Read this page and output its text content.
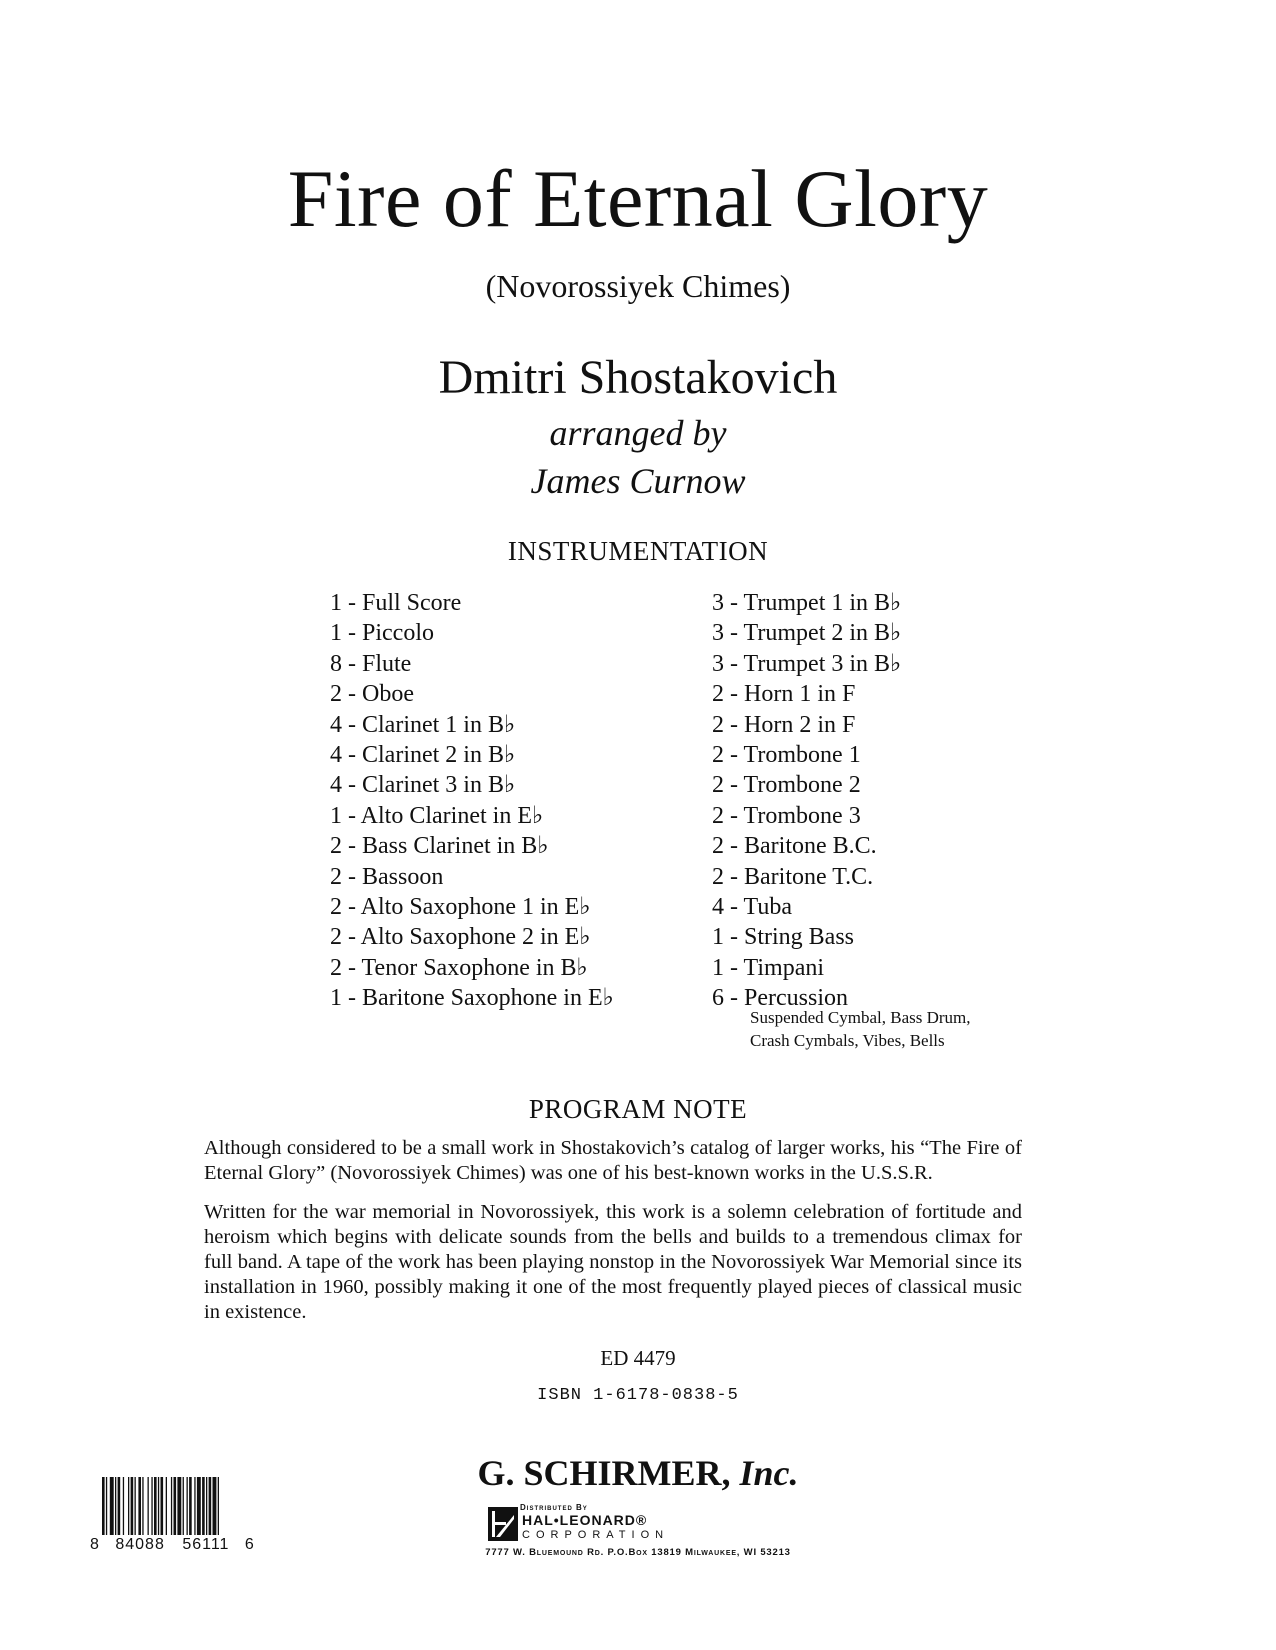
Fire of Eternal Glory
(Novorossiyek Chimes)
Dmitri Shostakovich
arranged by
James Curnow
INSTRUMENTATION
1 - Full Score
1 - Piccolo
8 - Flute
2 - Oboe
4 - Clarinet 1 in B♭
4 - Clarinet 2 in B♭
4 - Clarinet 3 in B♭
1 - Alto Clarinet in E♭
2 - Bass Clarinet in B♭
2 - Bassoon
2 - Alto Saxophone 1 in E♭
2 - Alto Saxophone 2 in E♭
2 - Tenor Saxophone in B♭
1 - Baritone Saxophone in E♭
3 - Trumpet 1 in B♭
3 - Trumpet 2 in B♭
3 - Trumpet 3 in B♭
2 - Horn 1 in F
2 - Horn 2 in F
2 - Trombone 1
2 - Trombone 2
2 - Trombone 3
2 - Baritone B.C.
2 - Baritone T.C.
4 - Tuba
1 - String Bass
1 - Timpani
6 - Percussion
Suspended Cymbal, Bass Drum,
Crash Cymbals, Vibes, Bells
PROGRAM NOTE
Although considered to be a small work in Shostakovich’s catalog of larger works, his “The Fire of Eternal Glory” (Novorossiyek Chimes) was one of his best-known works in the U.S.S.R.
Written for the war memorial in Novorossiyek, this work is a solemn celebration of fortitude and heroism which begins with delicate sounds from the bells and builds to a tremendous climax for full band. A tape of the work has been playing nonstop in the Novorossiyek War Memorial since its installation in 1960, possibly making it one of the most frequently played pieces of classical music in existence.
ED 4479
ISBN 1-6178-0838-5
G. SCHIRMER, Inc.
Distributed By
HAL•LEONARD®
CORPORATION
7777 W. Bluemound Rd. P.O.Box 13819 Milwaukee, WI 53213
8 84088 56111 6
